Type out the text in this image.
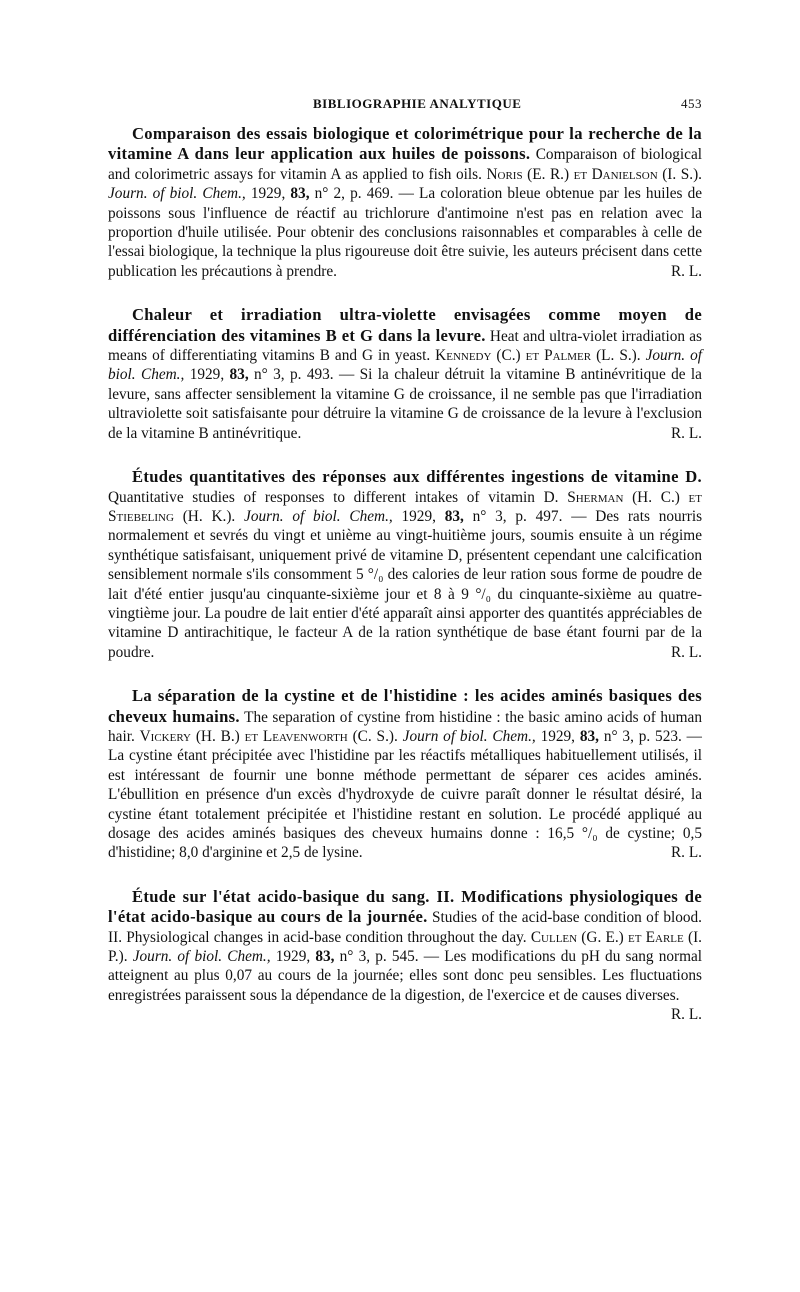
BIBLIOGRAPHIE ANALYTIQUE	453

Comparaison des essais biologique et colorimétrique pour la recherche de la vitamine A dans leur application aux huiles de poissons. Comparaison of biological and colorimetric assays for vitamin A as applied to fish oils. Noris (E. R.) et Danielson (I. S.). Journ. of biol. Chem., 1929, 83, n° 2, p. 469. — La coloration bleue obtenue par les huiles de poissons sous l'influence de réactif au trichlorure d'antimoine n'est pas en relation avec la proportion d'huile utilisée. Pour obtenir des conclusions raisonnables et comparables à celle de l'essai biologique, la technique la plus rigoureuse doit être suivie, les auteurs précisent dans cette publication les précautions à prendre.	R. L.

Chaleur et irradiation ultra-violette envisagées comme moyen de différenciation des vitamines B et G dans la levure. Heat and ultra-violet irradiation as means of differentiating vitamins B and G in yeast. Kennedy (C.) et Palmer (L. S.). Journ. of biol. Chem., 1929, 83, n° 3, p. 493. — Si la chaleur détruit la vitamine B antinévritique de la levure, sans affecter sensiblement la vitamine G de croissance, il ne semble pas que l'irradiation ultraviolette soit satisfaisante pour détruire la vitamine G de croissance de la levure à l'exclusion de la vitamine B antinévritique.	R. L.

Études quantitatives des réponses aux différentes ingestions de vitamine D. Quantitative studies of responses to different intakes of vitamin D. Sherman (H. C.) et Stiebeling (H. K.). Journ. of biol. Chem., 1929, 83, n° 3, p. 497. — Des rats nourris normalement et sevrés du vingt et unième au vingt-huitième jours, soumis ensuite à un régime synthétique satisfaisant, uniquement privé de vitamine D, présentent cependant une calcification sensiblement normale s'ils consomment 5 °/₀ des calories de leur ration sous forme de poudre de lait d'été entier jusqu'au cinquante-sixième jour et 8 à 9 °/₀ du cinquante-sixième au quatre-vingtième jour. La poudre de lait entier d'été apparaît ainsi apporter des quantités appréciables de vitamine D antirachitique, le facteur A de la ration synthétique de base étant fourni par de la poudre.	R. L.

La séparation de la cystine et de l'histidine : les acides aminés basiques des cheveux humains. The separation of cystine from histidine : the basic amino acids of human hair. Vickery (H. B.) et Leavenworth (C. S.). Journ of biol. Chem., 1929, 83, n° 3, p. 523. — La cystine étant précipitée avec l'histidine par les réactifs métalliques habituellement utilisés, il est intéressant de fournir une bonne méthode permettant de séparer ces acides aminés. L'ébullition en présence d'un excès d'hydroxyde de cuivre paraît donner le résultat désiré, la cystine étant totalement précipitée et l'histidine restant en solution. Le procédé appliqué au dosage des acides aminés basiques des cheveux humains donne : 16,5 °/₀ de cystine; 0,5 d'histidine; 8,0 d'arginine et 2,5 de lysine.	R. L.

Étude sur l'état acido-basique du sang. II. Modifications physiologiques de l'état acido-basique au cours de la journée. Studies of the acid-base condition of blood. II. Physiological changes in acid-base condition throughout the day. Cullen (G. E.) et Earle (I. P.). Journ. of biol. Chem., 1929, 83, n° 3, p. 545. — Les modifications du pH du sang normal atteignent au plus 0,07 au cours de la journée; elles sont donc peu sensibles. Les fluctuations enregistrées paraissent sous la dépendance de la digestion, de l'exercice et de causes diverses.
R. L.
